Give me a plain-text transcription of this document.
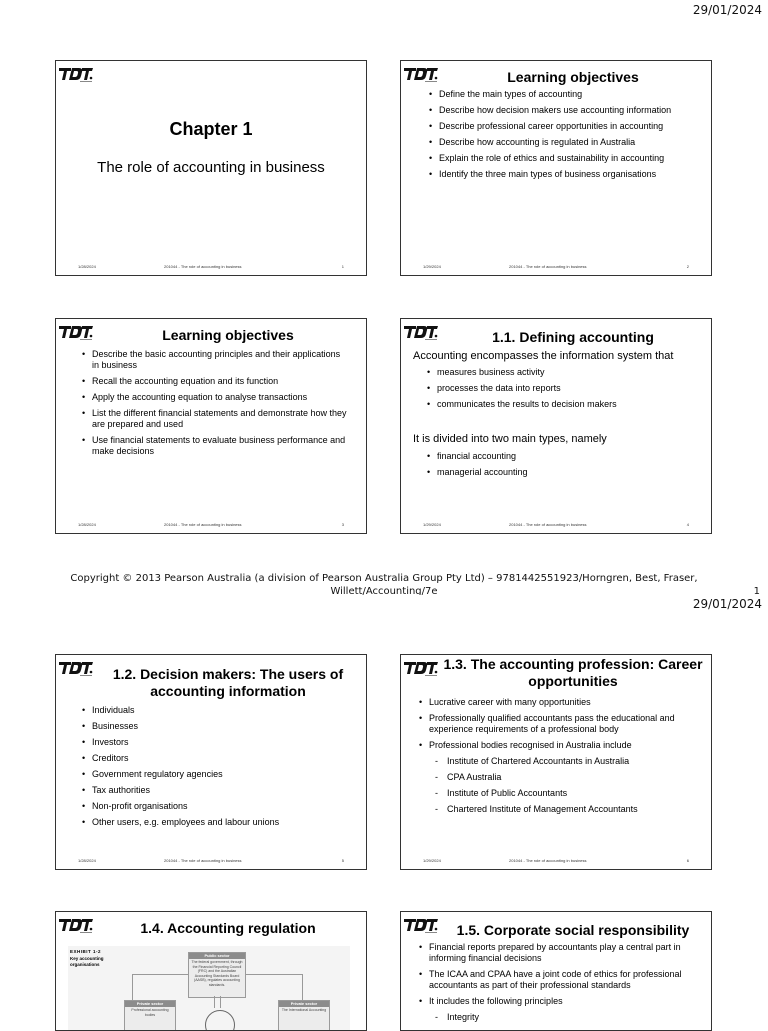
29/01/2024
Chapter 1
The role of accounting in business
1/28/2024	201044 - The role of accounting in business	1
Learning objectives
• Define the main types of accounting
• Describe how decision makers use accounting information
• Describe professional career opportunities in accounting
• Describe how accounting is regulated in Australia
• Explain the role of ethics and sustainability in accounting
• Identify the three main types of business organisations
1/29/2024	201044 - The role of accounting in business	2
Learning objectives
• Describe the basic accounting principles and their applications in business
• Recall the accounting equation and its function
• Apply the accounting equation to analyse transactions
• List the different financial statements and demonstrate how they are prepared and used
• Use financial statements to evaluate business performance and make decisions
1/28/2024	201044 - The role of accounting in business	3
1.1. Defining accounting
Accounting encompasses the information system that
• measures business activity
• processes the data into reports
• communicates the results to decision makers
It is divided into two main types, namely
• financial accounting
• managerial accounting
1/29/2024	201044 - The role of accounting in business	4
Copyright © 2013 Pearson Australia (a division of Pearson Australia Group Pty Ltd) – 9781442551923/Horngren, Best, Fraser,
Willett/Accounting/7e	1
29/01/2024
1.2. Decision makers: The users of accounting information
• Individuals
• Businesses
• Investors
• Creditors
• Government regulatory agencies
• Tax authorities
• Non-profit organisations
• Other users, e.g. employees and labour unions
1/28/2024	201044 - The role of accounting in business	5
1.3. The accounting profession: Career opportunities
• Lucrative career with many opportunities
• Professionally qualified accountants pass the educational and experience requirements of a professional body
• Professional bodies recognised in Australia include
- Institute of Chartered Accountants in Australia
- CPA Australia
- Institute of Public Accountants
- Chartered Institute of Management Accountants
1/29/2024	201044 - The role of accounting in business	6
1.4. Accounting regulation
EXHIBIT 1-2
Key accounting organisations
Public sector
The federal government, through the Financial Reporting Council (FRC) and the Australian Accounting Standards Board (AASB), regulates accounting standards.
Private sector
Professional accounting bodies
Private sector
The International Accounting
1.5. Corporate social responsibility
• Financial reports prepared by accountants play a central part in informing financial decisions
• The ICAA and CPAA have a joint code of ethics for professional accountants as part of their professional standards
• It includes the following principles
- Integrity
